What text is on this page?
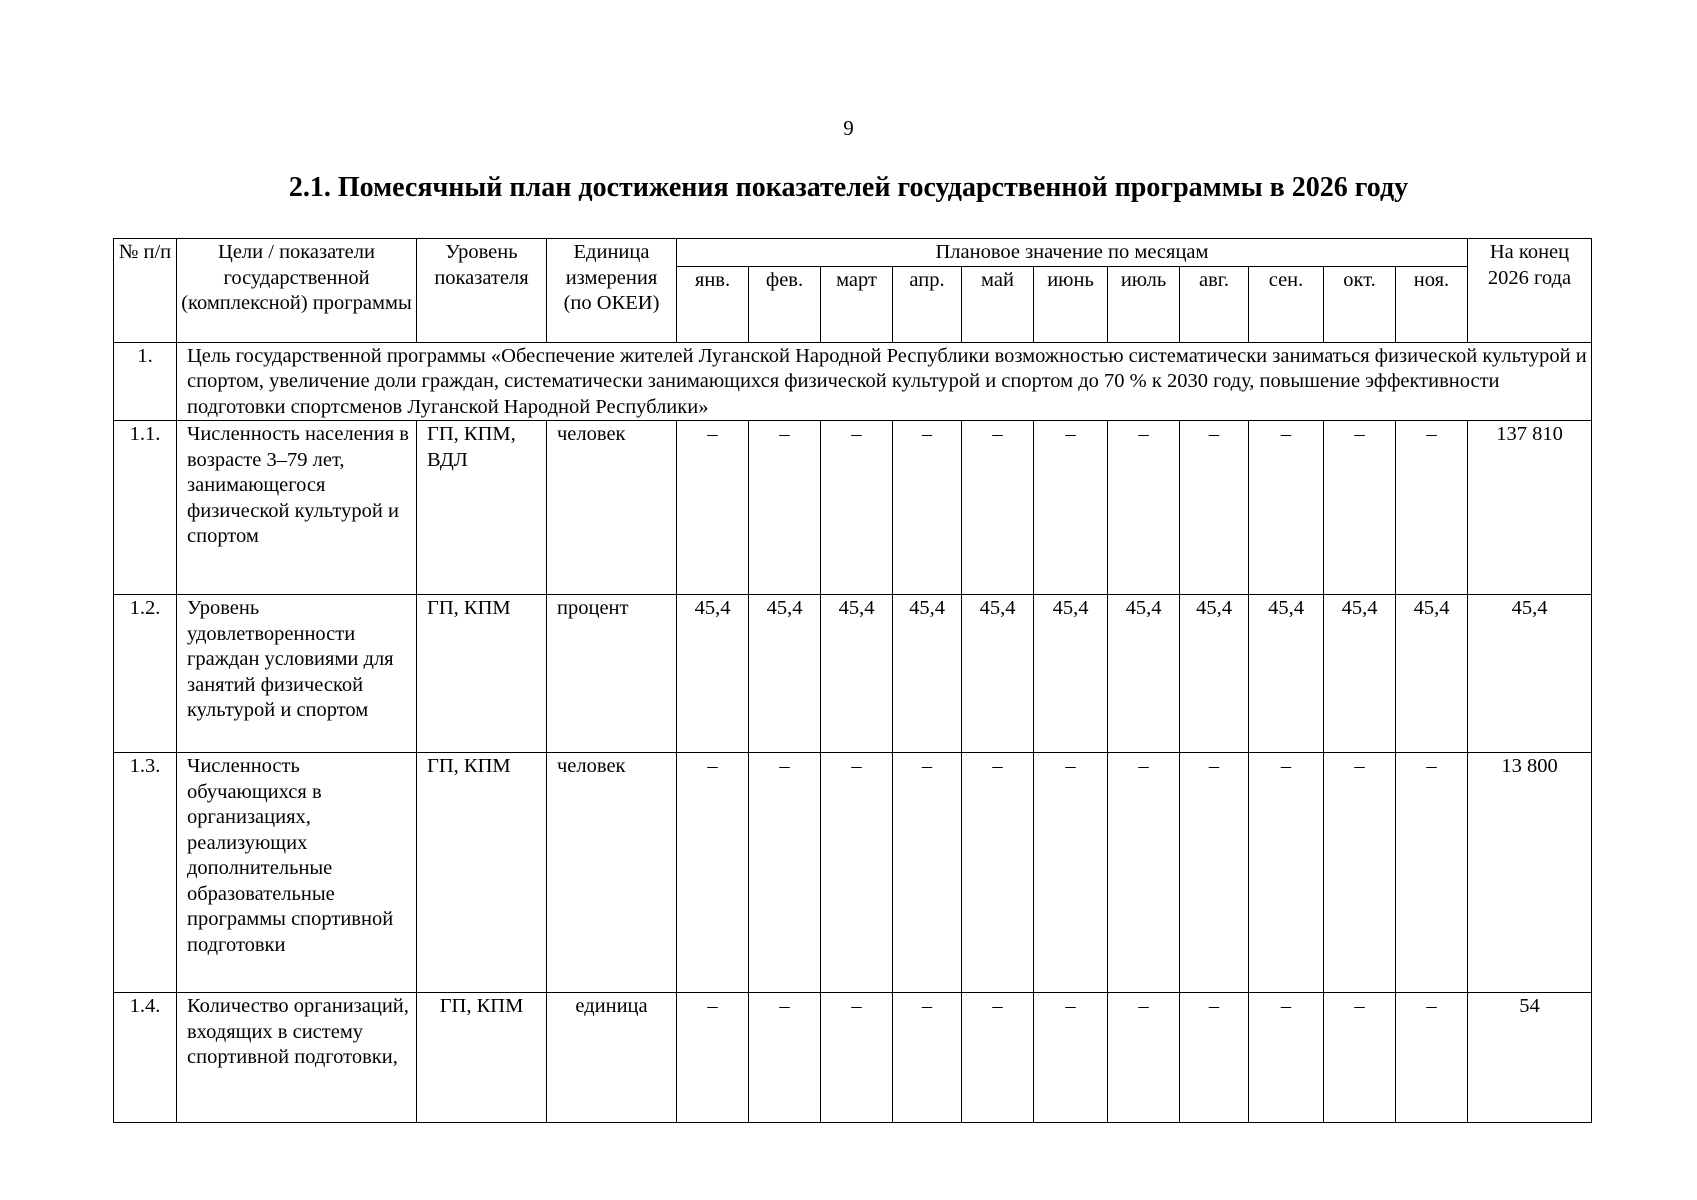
9
2.1. Помесячный план достижения показателей государственной программы в 2026 году
№ п/п	Цели / показатели государственной (комплексной) программы	Уровень показателя	Единица измерения (по ОКЕИ)	Плановое значение по месяцам											На конец 2026 года
				янв.	фев.	март	апр.	май	июнь	июль	авг.	сен.	окт.	ноя.	
1.	Цель государственной программы «Обеспечение жителей Луганской Народной Республики возможностью систематически заниматься физической культурой и спортом, увеличение доли граждан, систематически занимающихся физической культурой и спортом до 70 % к 2030 году, повышение эффективности подготовки спортсменов Луганской Народной Республики»														
1.1.	Численность населения в возрасте 3–79 лет, занимающегося физической культурой и спортом	ГП, КПМ, ВДЛ	человек	–	–	–	–	–	–	–	–	–	–	–	137 810
1.2.	Уровень удовлетворенности граждан условиями для занятий физической культурой и спортом	ГП, КПМ	процент	45,4	45,4	45,4	45,4	45,4	45,4	45,4	45,4	45,4	45,4	45,4	45,4
1.3.	Численность обучающихся в организациях, реализующих дополнительные образовательные программы спортивной подготовки	ГП, КПМ	человек	–	–	–	–	–	–	–	–	–	–	–	13 800
1.4.	Количество организаций, входящих в систему спортивной подготовки,	ГП, КПМ	единица	–	–	–	–	–	–	–	–	–	–	–	54
